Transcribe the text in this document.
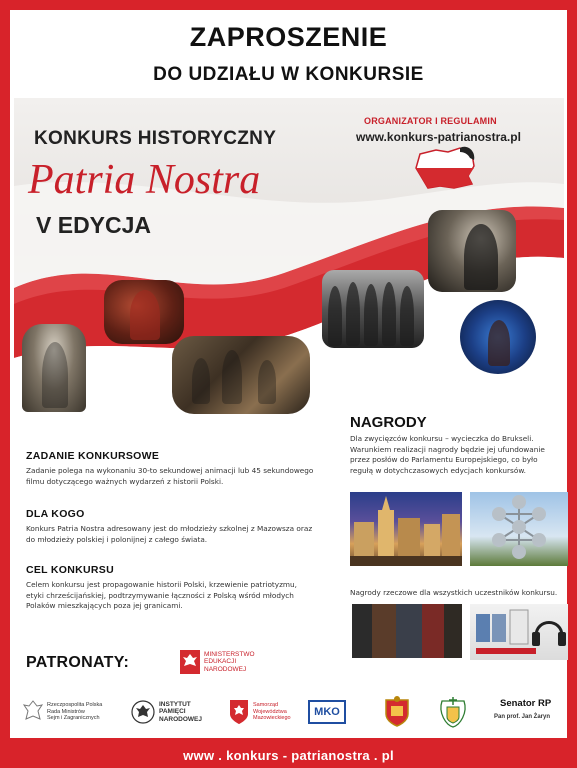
ZAPROSZENIE
DO UDZIAŁU W KONKURSIE
KONKURS HISTORYCZNY
Patria Nostra
V EDYCJA
ORGANIZATOR I REGULAMIN
www.konkurs-patrianostra.pl
NAGRODY
Dla zwycięzców konkursu – wycieczka do Brukseli.
Warunkiem realizacji nagrody będzie jej ufundowanie
przez posłów do Parlamentu Europejskiego, co było
regułą w dotychczasowych edycjach konkursów.
ZADANIE KONKURSOWE
Zadanie polega na wykonaniu 30-to sekundowej animacji lub 45 sekundowego
filmu dotyczącego ważnych wydarzeń z historii Polski.
DLA KOGO
Konkurs Patria Nostra adresowany jest do młodzieży szkolnej z Mazowsza oraz
do młodzieży polskiej i polonijnej z całego świata.
CEL KONKURSU
Celem konkursu jest propagowanie historii Polski, krzewienie patriotyzmu,
etyki chrześcijańskiej, podtrzymywanie łączności z Polską wśród młodych
Polaków mieszkających poza jej granicami.
Nagrody rzeczowe dla wszystkich uczestników konkursu.
PATRONATY:	MINISTERSTWO
EDUKACJI
NARODOWEJ
Rzeczpospolita Polska
Rada Ministrów
Sejm i Zagranicznych
INSTYTUT
PAMIĘCI
NARODOWEJ
Samorząd
Województwa
Mazowieckiego
MKO
Senator RP
Pan prof. Jan Żaryn
www . konkurs - patrianostra . pl
